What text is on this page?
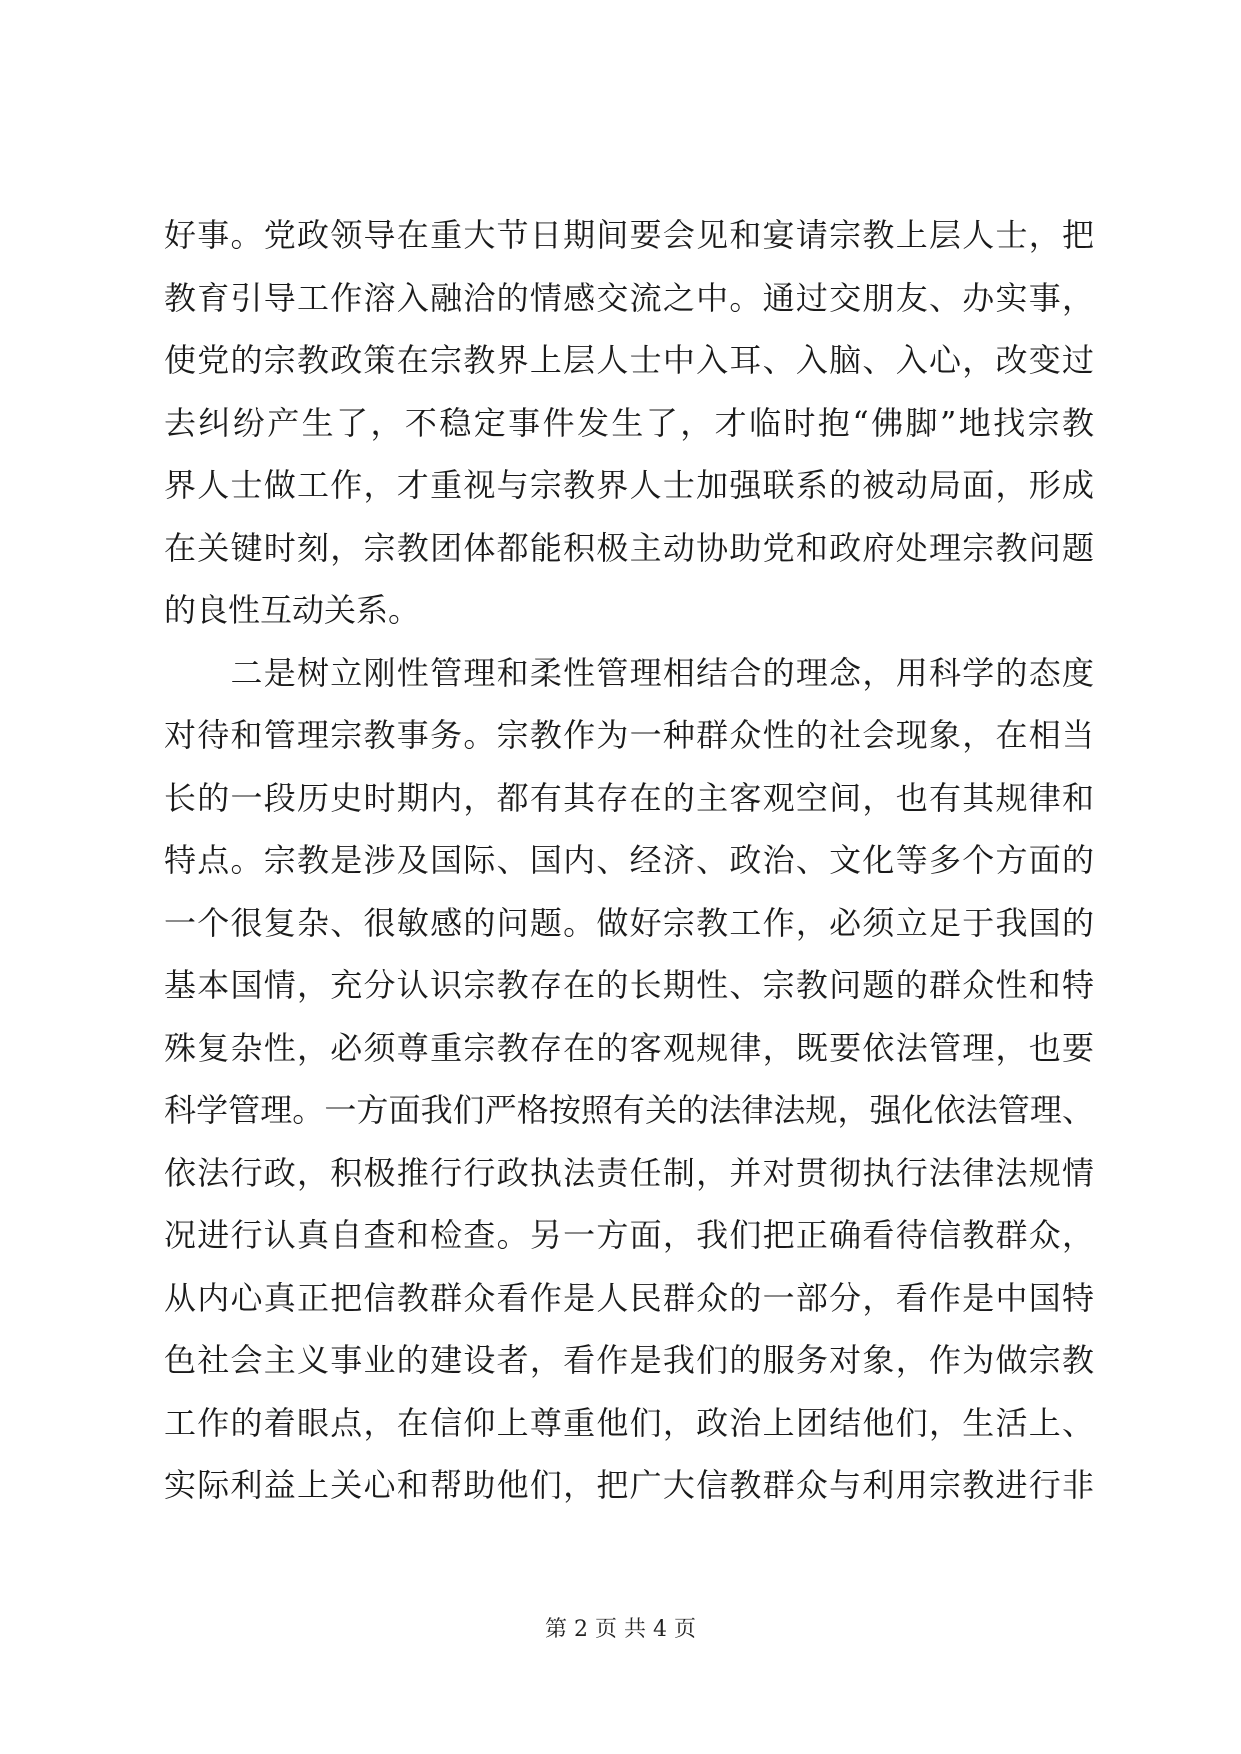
好事。党政领导在重大节日期间要会见和宴请宗教上层人士，把
教育引导工作溶入融洽的情感交流之中。通过交朋友、办实事，
使党的宗教政策在宗教界上层人士中入耳、入脑、入心，改变过
去纠纷产生了，不稳定事件发生了，才临时抱“佛脚”地找宗教
界人士做工作，才重视与宗教界人士加强联系的被动局面，形成
在关键时刻，宗教团体都能积极主动协助党和政府处理宗教问题
的良性互动关系。
　　二是树立刚性管理和柔性管理相结合的理念，用科学的态度
对待和管理宗教事务。宗教作为一种群众性的社会现象，在相当
长的一段历史时期内，都有其存在的主客观空间，也有其规律和
特点。宗教是涉及国际、国内、经济、政治、文化等多个方面的
一个很复杂、很敏感的问题。做好宗教工作，必须立足于我国的
基本国情，充分认识宗教存在的长期性、宗教问题的群众性和特
殊复杂性，必须尊重宗教存在的客观规律，既要依法管理，也要
科学管理。一方面我们严格按照有关的法律法规，强化依法管理、
依法行政，积极推行行政执法责任制，并对贯彻执行法律法规情
况进行认真自查和检查。另一方面，我们把正确看待信教群众，
从内心真正把信教群众看作是人民群众的一部分，看作是中国特
色社会主义事业的建设者，看作是我们的服务对象，作为做宗教
工作的着眼点，在信仰上尊重他们，政治上团结他们，生活上、
实际利益上关心和帮助他们，把广大信教群众与利用宗教进行非
第 2 页 共 4 页
